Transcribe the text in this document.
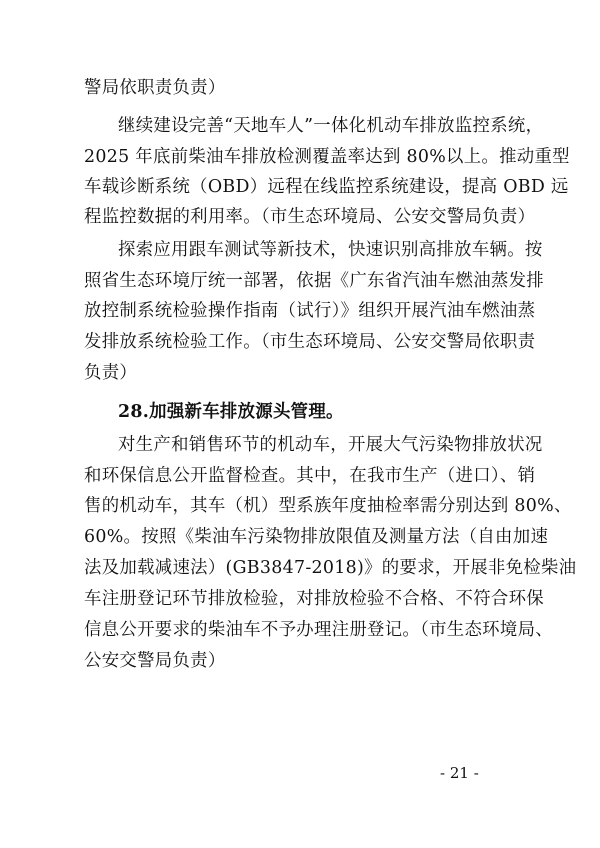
警局依职责负责）
继续建设完善“天地车人”一体化机动车排放监控系统，
2025 年底前柴油车排放检测覆盖率达到 80%以上。推动重型
车载诊断系统（OBD）远程在线监控系统建设，提高 OBD 远
程监控数据的利用率。（市生态环境局、公安交警局负责）
探索应用跟车测试等新技术，快速识别高排放车辆。按
照省生态环境厅统一部署，依据《广东省汽油车燃油蒸发排
放控制系统检验操作指南（试行）》组织开展汽油车燃油蒸
发排放系统检验工作。（市生态环境局、公安交警局依职责
负责）
28.加强新车排放源头管理。
对生产和销售环节的机动车，开展大气污染物排放状况
和环保信息公开监督检查。其中，在我市生产（进口）、销
售的机动车，其车（机）型系族年度抽检率需分别达到 80%、
60%。按照《柴油车污染物排放限值及测量方法（自由加速
法及加载减速法）(GB3847-2018)》的要求，开展非免检柴油
车注册登记环节排放检验，对排放检验不合格、不符合环保
信息公开要求的柴油车不予办理注册登记。（市生态环境局、
公安交警局负责）
- 21 -
